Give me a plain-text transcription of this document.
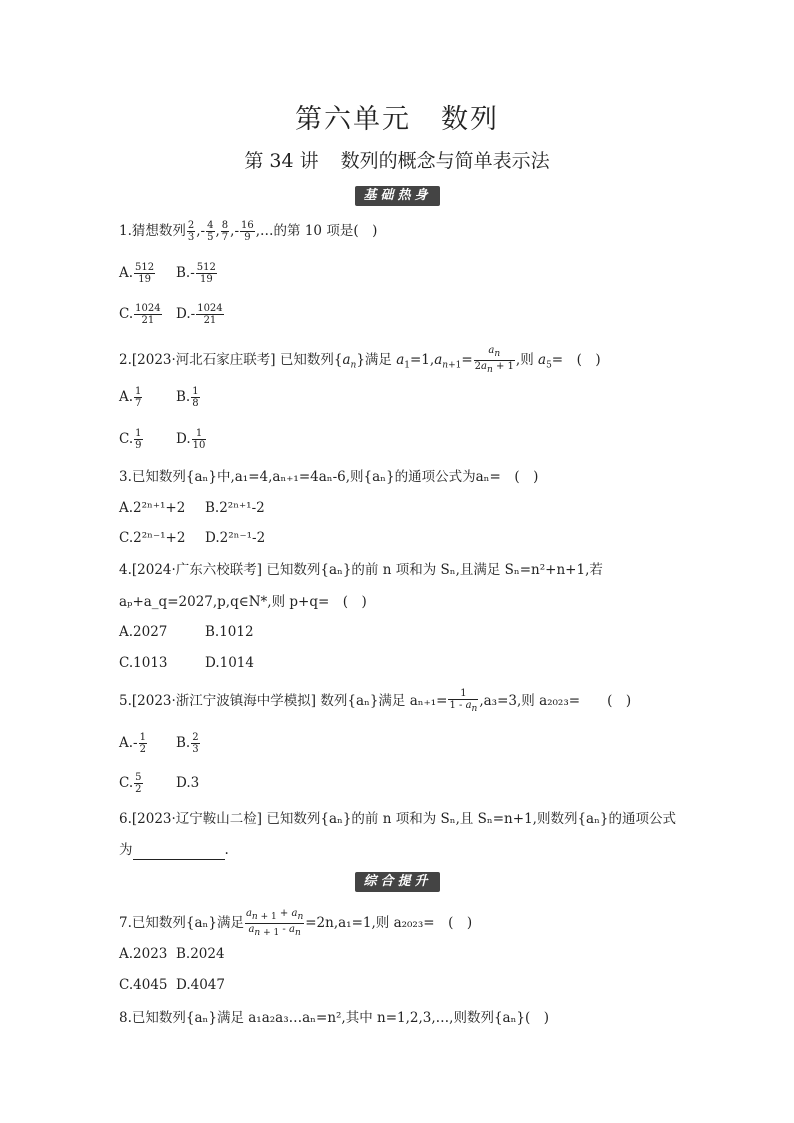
第六单元 数列
第 34 讲 数列的概念与简单表示法
基础热身
1.猜想数列 $\frac{2}{3}$ ,- $\frac{4}{5}$ , $\frac{8}{7}$ ,- $\frac{16}{9}$ ,…的第 10 项是(　)
A. $\frac{512}{19} B.- \frac{512}{19}$
C. $\frac{1024}{21} D.- \frac{1024}{21}$
2.[2023·河北石家庄联考] 已知数列$\{a_n\}$满足 $a_1=1,a_{n+1}= \frac{a_n}{2a_n + 1}$ ,则 $a_5=$　(　)
A. $\frac{1}{7} B$. $\frac{1}{8}$
C. $\frac{1}{9} D$. $\frac{1}{10}$
3.已知数列{aₙ}中,a₁=4,aₙ₊₁=4aₙ-6,则{aₙ}的通项公式为aₙ=　(　)
A.2²ⁿ⁺¹+2 B.2²ⁿ⁺¹-2
C.2²ⁿ⁻¹+2 D.2²ⁿ⁻¹-2
4.[2024·广东六校联考] 已知数列{aₙ}的前 n 项和为 Sₙ,且满足 Sₙ=n²+n+1,若
aₚ+a_q=2027,p,q∈N*,则 p+q=　(　)
A.2027	B.1012
C.1013	D.1014
5.[2023·浙江宁波镇海中学模拟] 数列{aₙ}满足 $a_{n+1}= \frac{1}{1 - a_n} ,a_3=3$,则 a₂₀₂₃=　　(　)
$A.- \frac{1}{2} B$. $\frac{2}{3}$
C. $\frac{5}{2} D.3$
6.[2023·辽宁鞍山二检] 已知数列{aₙ}的前 n 项和为 Sₙ,且 Sₙ=n+1,则数列{aₙ}的通项公式
为	.
综合提升
7.已知数列{aₙ}满足 $\frac{a_{n + 1} + a_n}{a_{n + 1} - a_n} =2n,a_1=1$,则 a₂₀₂₃=　(　)
A.2023 B.2024
C.4045 D.4047
8.已知数列{aₙ}满足 a₁a₂a₃…aₙ=n²,其中 n=1,2,3,…,则数列{aₙ}(　)
